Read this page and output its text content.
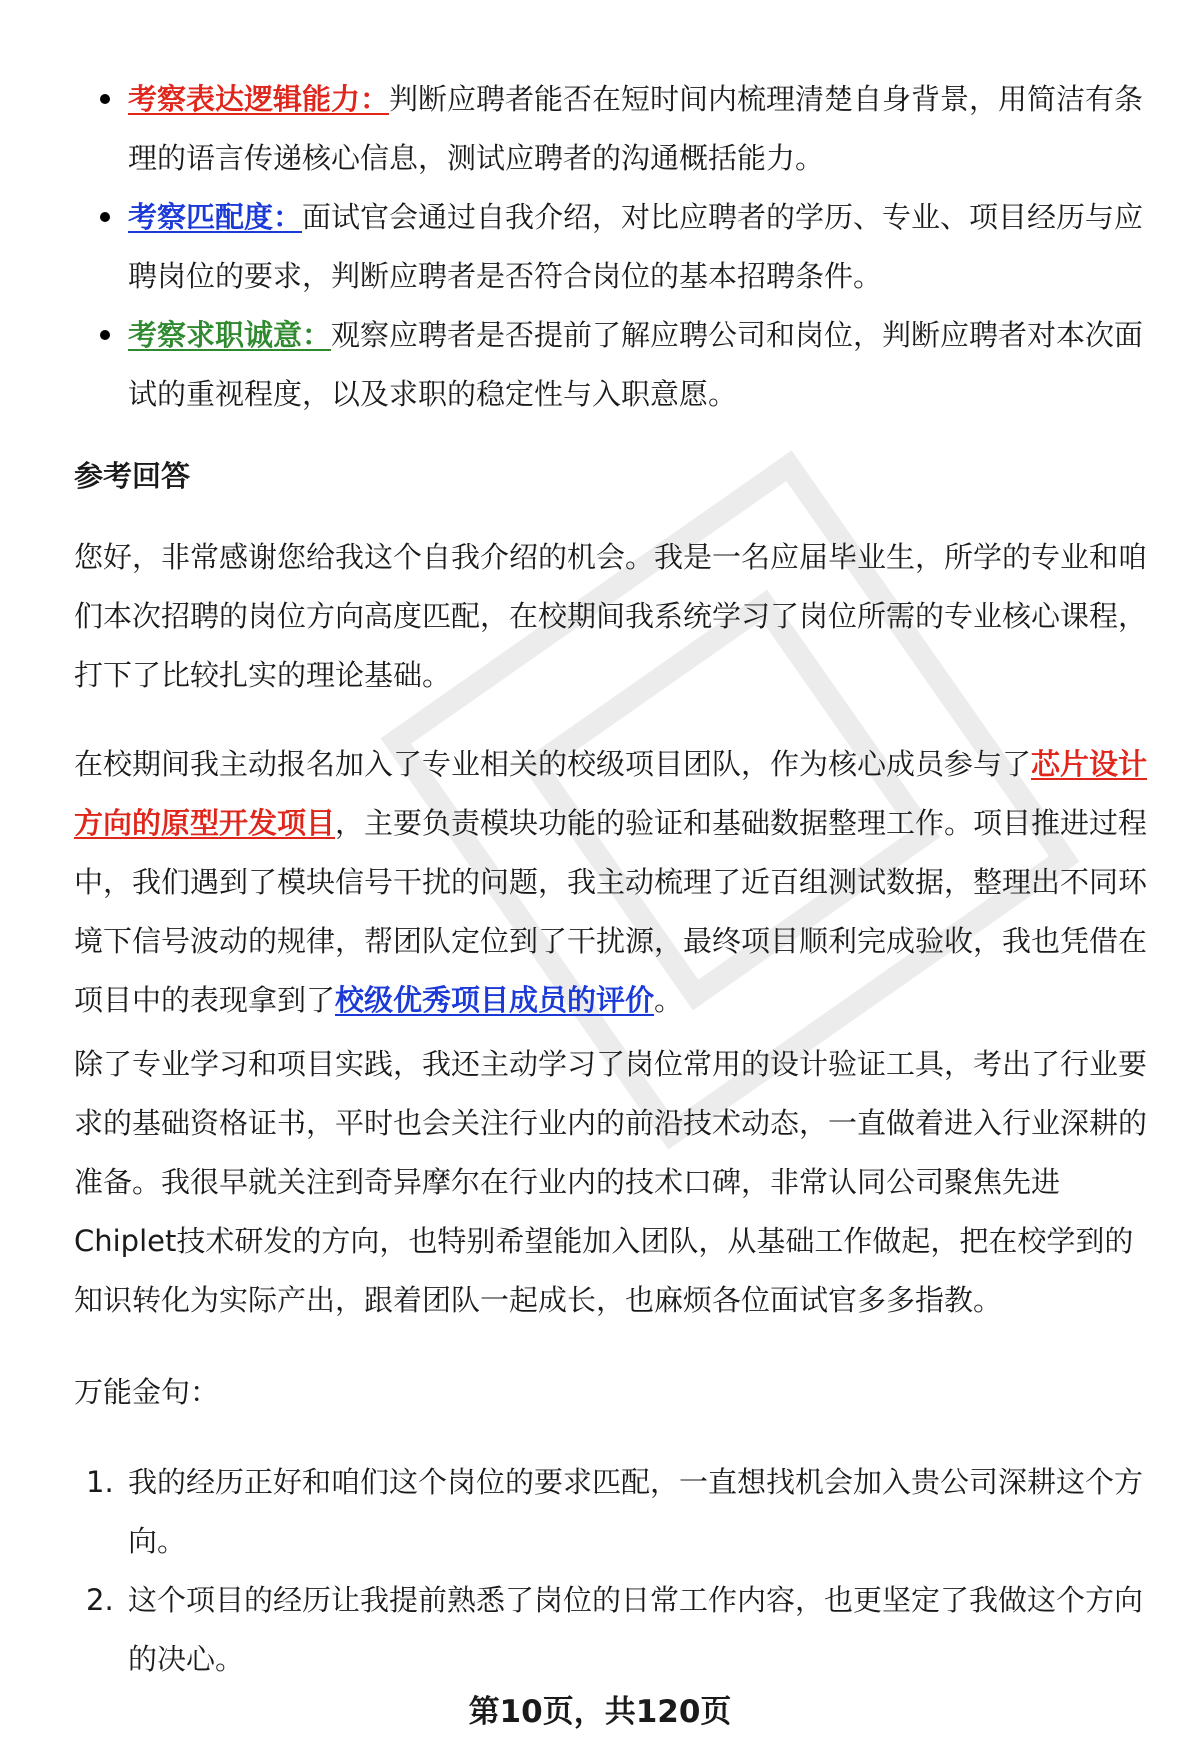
考察表达逻辑能力：判断应聘者能否在短时间内梳理清楚自身背景，用简洁有条理的语言传递核心信息，测试应聘者的沟通概括能力。
考察匹配度：面试官会通过自我介绍，对比应聘者的学历、专业、项目经历与应聘岗位的要求，判断应聘者是否符合岗位的基本招聘条件。
考察求职诚意：观察应聘者是否提前了解应聘公司和岗位，判断应聘者对本次面试的重视程度，以及求职的稳定性与入职意愿。
参考回答

您好，非常感谢您给我这个自我介绍的机会。我是一名应届毕业生，所学的专业和咱们本次招聘的岗位方向高度匹配，在校期间我系统学习了岗位所需的专业核心课程，打下了比较扎实的理论基础。

在校期间我主动报名加入了专业相关的校级项目团队，作为核心成员参与了芯片设计方向的原型开发项目，主要负责模块功能的验证和基础数据整理工作。项目推进过程中，我们遇到了模块信号干扰的问题，我主动梳理了近百组测试数据，整理出不同环境下信号波动的规律，帮团队定位到了干扰源，最终项目顺利完成验收，我也凭借在项目中的表现拿到了校级优秀项目成员的评价。

除了专业学习和项目实践，我还主动学习了岗位常用的设计验证工具，考出了行业要求的基础资格证书，平时也会关注行业内的前沿技术动态，一直做着进入行业深耕的准备。我很早就关注到奇异摩尔在行业内的技术口碑，非常认同公司聚焦先进Chiplet技术研发的方向，也特别希望能加入团队，从基础工作做起，把在校学到的知识转化为实际产出，跟着团队一起成长，也麻烦各位面试官多多指教。

万能金句：

1. 我的经历正好和咱们这个岗位的要求匹配，一直想找机会加入贵公司深耕这个方向。
2. 这个项目的经历让我提前熟悉了岗位的日常工作内容，也更坚定了我做这个方向的决心。
第10页，共120页
